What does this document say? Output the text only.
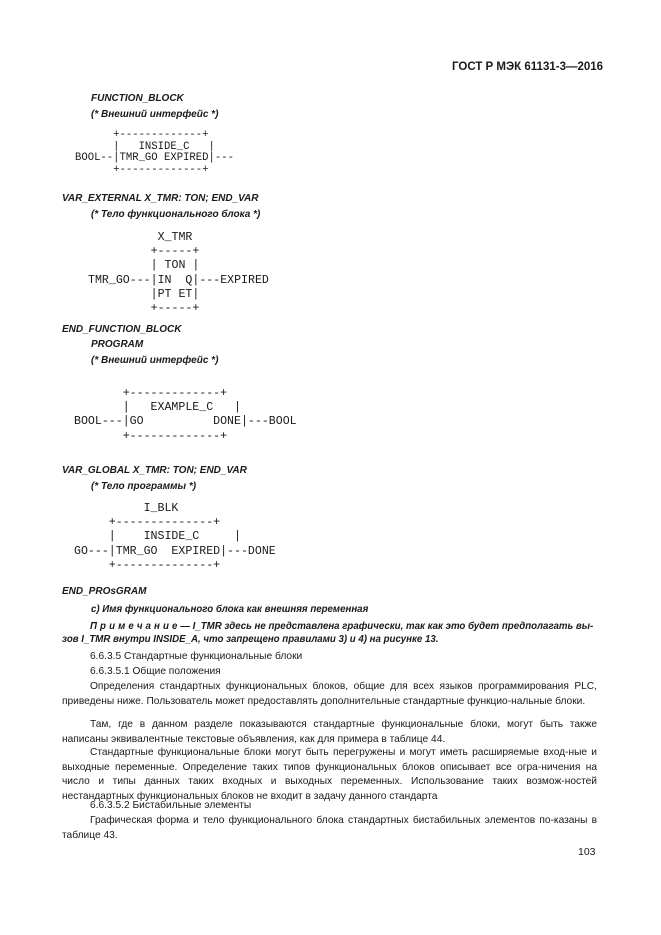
ГОСТ Р МЭК 61131-3—2016
FUNCTION_BLOCK
(* Внешний интерфейс *)
+-------------+
|   INSIDE_C   |
BOOL--|TMR_GO EXPIRED|---
+-------------+
VAR_EXTERNAL X_TMR: TON; END_VAR
(* Тело функционального блока *)
X_TMR
+-----+
| TON |
TMR_GO---|IN  Q|---EXPIRED
|PT ET|
+-----+
END_FUNCTION_BLOCK
PROGRAM
(* Внешний интерфейс *)
+-------------+
|   EXAMPLE_C   |
BOOL---|GO          DONE|---BOOL
+-------------+
VAR_GLOBAL X_TMR: TON; END_VAR
(* Тело программы *)
I_BLK
+--------------+
|    INSIDE_C     |
GO---|TMR_GO  EXPIRED|---DONE
+--------------+
END_PROsGRAM
c) Имя функционального блока как внешняя переменная
П р и м е ч а н и е — I_TMR здесь не представлена графически, так как это будет предполагать вы-зов I_TMR внутри INSIDE_A, что запрещено правилами 3) и 4) на рисунке 13.
6.6.3.5 Стандартные функциональные блоки
6.6.3.5.1 Общие положения
Определения стандартных функциональных блоков, общие для всех языков программирования PLC, приведены ниже. Пользователь может предоставлять дополнительные стандартные функцио-нальные блоки.
Там, где в данном разделе показываются стандартные функциональные блоки, могут быть также написаны эквивалентные текстовые объявления, как для примера в таблице 44.
Стандартные функциональные блоки могут быть перегружены и могут иметь расширяемые вход-ные и выходные переменные. Определение таких типов функциональных блоков описывает все огра-ничения на число и типы данных таких входных и выходных переменных. Использование таких возмож-ностей нестандартных функциональных блоков не входит в задачу данного стандарта
6.6.3.5.2 Бистабильные элементы
Графическая форма и тело функционального блока стандартных бистабильных элементов по-казаны в таблице 43.
103
